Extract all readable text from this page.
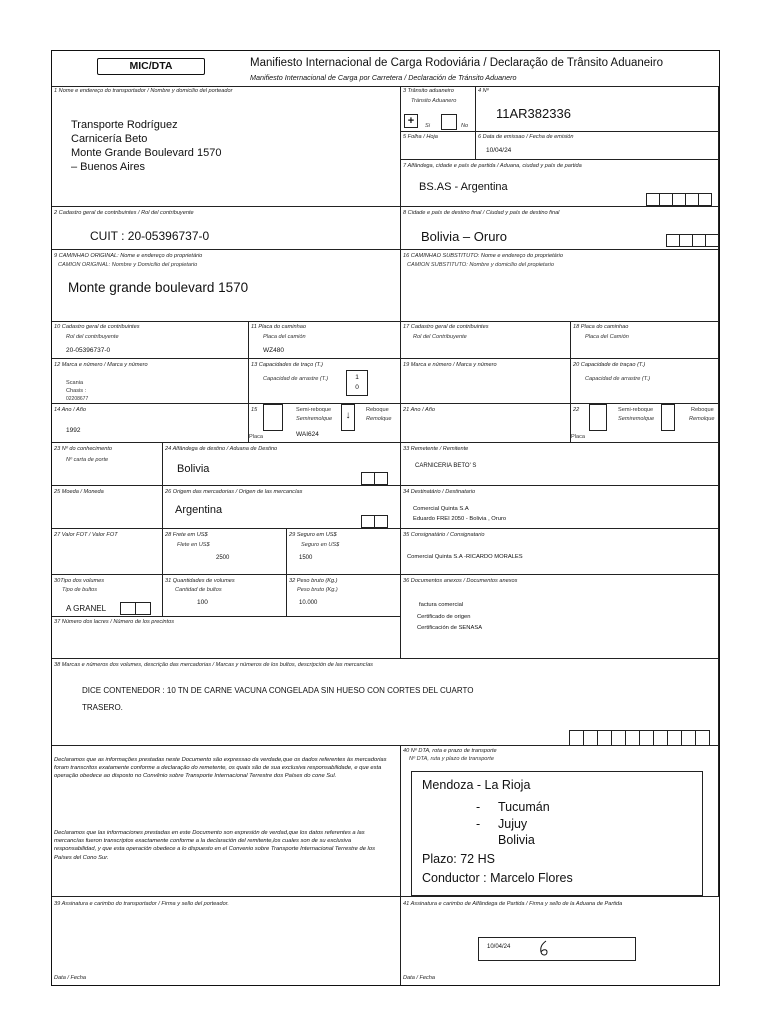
MIC/DTA	Manifiesto Internacional de Carga Rodoviária / Declaração de Trânsito Aduaneiro
Manifiesto Internacional de Carga por Carretera / Declaración de Tránsito Aduanero
1 Nome e endereço do transportador / Nombre y domicilio del porteador
Transporte Rodríguez
Carnicería Beto
Monte Grande Boulevard 1570
– Buenos Aires
3 Trânsito aduaneiro
Tránsito Aduanero
+	Si	No
4 Nº
11AR382336
5 Folha / Hoja	6 Data de emissao / Fecha de emisión
10/04/24
7 Alfândega, cidade e país de partida / Aduana, ciudad y país de partida
BS.AS - Argentina
2 Cadastro geral de contribuintes / Rol del contribuyente
CUIT : 20-05396737-0
8 Cidade e país de destino final / Ciudad y país de destino final
Bolivia – Oruro
9 CAMINHAO ORIGINAL: Nome e endereço do proprietário
CAMION ORIGINAL: Nombre y Domicilio del propietario
Monte grande boulevard 1570
16 CAMINHAO SUBSTITUTO: Nome e endereço do proprietário
CAMION SUBSTITUTO: Nombre y domicilio del propietario
10 Cadastro geral de contribuintes
Rol del contribuyente
20-05396737-0
11 Placa do caminhao
Placa del camión
WZ480
17 Cadastro geral de contribuintes
Rol del Contribuyente
18 Placa do caminhao
Placa del Camión
12 Marca e número / Marca y número
Scania
Chasis :
02208677
13 Capacidades de traço (T.)
Capacidad de arrastre (T.)	1
0
19 Marca e número / Marca y número	20 Capacidade de traçao (T.)
Capacidad de arrastre (T.)
14 Ano / Año
1992
15	Semi-reboque
Semiremolque	↓	Reboque
Remolque
Placa	WAI624
21 Ano / Año	22	Semi-reboque
Semiremolque
Reboque
Remolque
Placa
23 Nº do conhecimento
Nº carta de porte
24 Alfândega de destino / Aduana de Destino
Bolivia
33 Remetente / Remitente
CARNICERIA BETO' S
25 Moeda / Moneda	26 Origem das mercadorias / Origen de las mercancías
Argentina
34 Destinatário / Destinatario
Comercial Quinta S.A
Eduardo FREI 2050 - Bolivia , Oruro
27 Valor FOT / Valor FOT	28 Frete em US$
Flete en US$
2500
29 Seguro em US$
Seguro en US$
1500
35 Consignatário / Consignatario
Comercial Quinta S.A -RICARDO MORALES
30Tipo dos volumes
Tipo de bultos
A GRANEL
31 Quantidades de volumes
Cantidad de bultos
100
32 Peso bruto (Kg.)
Peso bruto (Kg.)
10.000
36 Documentos anexos / Documentos anexos
factura comercial
Certificado de origen
Certificación de SENASA
37 Número dos lacres / Número de los precintos
38 Marcas e números dos volumes, descrição das mercadorias / Marcas y números de los bultos, descripción de las mercancías
DICE CONTENEDOR : 10 TN DE CARNE VACUNA CONGELADA SIN HUESO CON CORTES DEL CUARTO
TRASERO.
Declaramos que as informações prestadas neste Documento são expressao da verdade,que os dados referentes às mercadorias foram transcritos exatamente conforme a declaração do remetente, os quais são de sua exclusiva responsabilidade, e que esta operação obedece ao disposto no Convênio sobre Transporte Internacional Terrestre dos Países do cone Sul.
Declaramos que las informaciones prestadas en este Documento son expresión de verdad,que los datos referentes a las mercancías fueron transcriptos exactamente conforme a la declaración del remitente,los cuales son de su exclusiva responsabilidad, y que esta operación obedece a lo dispuesto en el Convenio sobre Transporte Internacional Terrestre de los Países del Cono Sur.
40 Nº DTA, rota e prazo de transporte
Nº DTA, ruta y plazo de transporte
Mendoza - La Rioja
- Tucumán
- Jujuy
Bolivia
Plazo: 72 HS
Conductor : Marcelo Flores
39 Assinatura e carimbo do transportador / Firma y sello del porteador.
Data / Fecha
41 Assinatura e carimbo de Alfândega de Partida / Firma y sello de la Aduana de Partida
10/04/24
Data / Fecha
